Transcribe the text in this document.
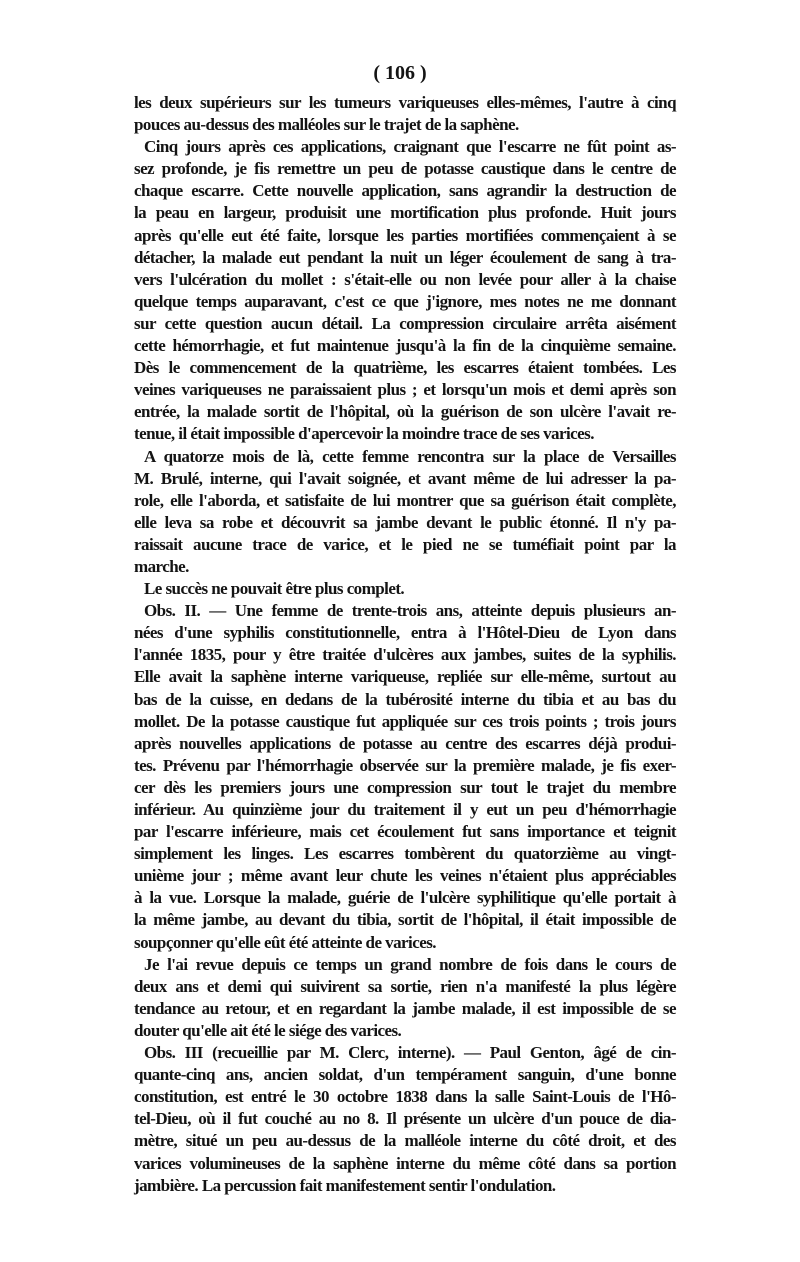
( 106 )
les deux supérieurs sur les tumeurs variqueuses elles-mêmes, l'autre à cinq
pouces au-dessus des malléoles sur le trajet de la saphène.
Cinq jours après ces applications, craignant que l'escarre ne fût point as-
sez profonde, je fis remettre un peu de potasse caustique dans le centre de
chaque escarre. Cette nouvelle application, sans agrandir la destruction de
la peau en largeur, produisit une mortification plus profonde. Huit jours
après qu'elle eut été faite, lorsque les parties mortifiées commençaient à se
détacher, la malade eut pendant la nuit un léger écoulement de sang à tra-
vers l'ulcération du mollet : s'était-elle ou non levée pour aller à la chaise
quelque temps auparavant, c'est ce que j'ignore, mes notes ne me donnant
sur cette question aucun détail. La compression circulaire arrêta aisément
cette hémorrhagie, et fut maintenue jusqu'à la fin de la cinquième semaine.
Dès le commencement de la quatrième, les escarres étaient tombées. Les
veines variqueuses ne paraissaient plus ; et lorsqu'un mois et demi après son
entrée, la malade sortit de l'hôpital, où la guérison de son ulcère l'avait re-
tenue, il était impossible d'apercevoir la moindre trace de ses varices.
A quatorze mois de là, cette femme rencontra sur la place de Versailles
M. Brulé, interne, qui l'avait soignée, et avant même de lui adresser la pa-
role, elle l'aborda, et satisfaite de lui montrer que sa guérison était complète,
elle leva sa robe et découvrit sa jambe devant le public étonné. Il n'y pa-
raissait aucune trace de varice, et le pied ne se tuméfiait point par la
marche.
Le succès ne pouvait être plus complet.
Obs. II. — Une femme de trente-trois ans, atteinte depuis plusieurs an-
nées d'une syphilis constitutionnelle, entra à l'Hôtel-Dieu de Lyon dans
l'année 1835, pour y être traitée d'ulcères aux jambes, suites de la syphilis.
Elle avait la saphène interne variqueuse, repliée sur elle-même, surtout au
bas de la cuisse, en dedans de la tubérosité interne du tibia et au bas du
mollet. De la potasse caustique fut appliquée sur ces trois points ; trois jours
après nouvelles applications de potasse au centre des escarres déjà produi-
tes. Prévenu par l'hémorrhagie observée sur la première malade, je fis exer-
cer dès les premiers jours une compression sur tout le trajet du membre
inférieur. Au quinzième jour du traitement il y eut un peu d'hémorrhagie
par l'escarre inférieure, mais cet écoulement fut sans importance et teignit
simplement les linges. Les escarres tombèrent du quatorzième au vingt-
unième jour ; même avant leur chute les veines n'étaient plus appréciables
à la vue. Lorsque la malade, guérie de l'ulcère syphilitique qu'elle portait à
la même jambe, au devant du tibia, sortit de l'hôpital, il était impossible de
soupçonner qu'elle eût été atteinte de varices.
Je l'ai revue depuis ce temps un grand nombre de fois dans le cours de
deux ans et demi qui suivirent sa sortie, rien n'a manifesté la plus légère
tendance au retour, et en regardant la jambe malade, il est impossible de se
douter qu'elle ait été le siége des varices.
Obs. III (recueillie par M. Clerc, interne). — Paul Genton, âgé de cin-
quante-cinq ans, ancien soldat, d'un tempérament sanguin, d'une bonne
constitution, est entré le 30 octobre 1838 dans la salle Saint-Louis de l'Hô-
tel-Dieu, où il fut couché au no 8. Il présente un ulcère d'un pouce de dia-
mètre, situé un peu au-dessus de la malléole interne du côté droit, et des
varices volumineuses de la saphène interne du même côté dans sa portion
jambière. La percussion fait manifestement sentir l'ondulation.
